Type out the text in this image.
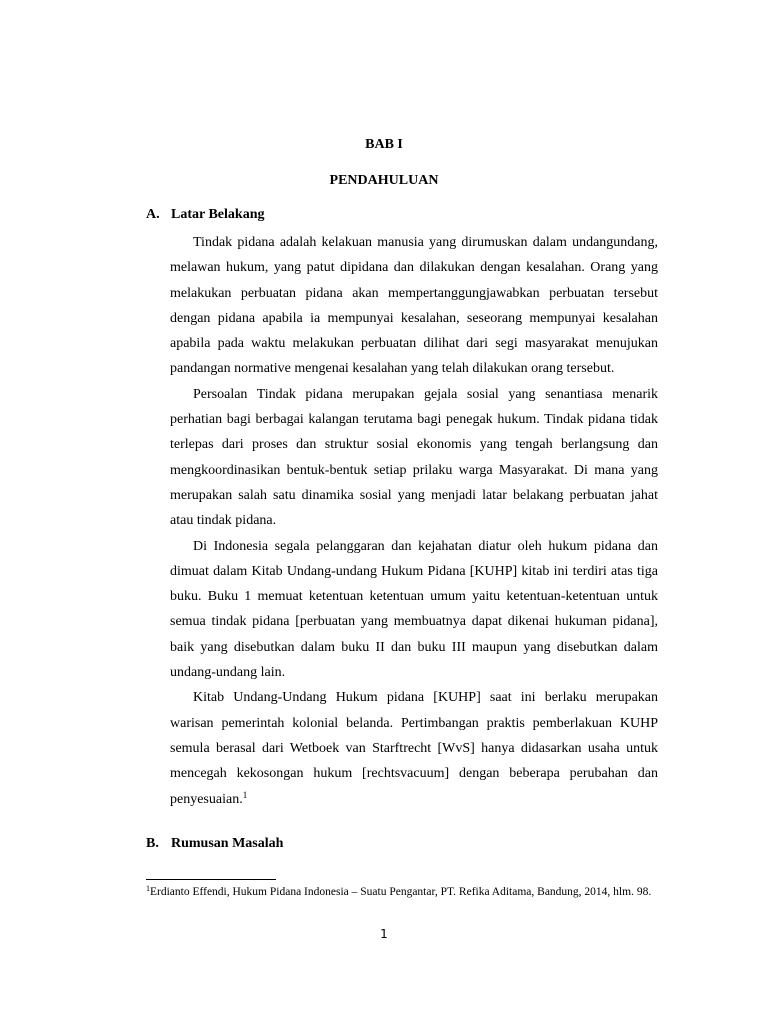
BAB I
PENDAHULUAN
A. Latar Belakang

Tindak pidana adalah kelakuan manusia yang dirumuskan dalam undangundang, melawan hukum, yang patut dipidana dan dilakukan dengan kesalahan. Orang yang melakukan perbuatan pidana akan mempertanggungjawabkan perbuatan tersebut dengan pidana apabila ia mempunyai kesalahan, seseorang mempunyai kesalahan apabila pada waktu melakukan perbuatan dilihat dari segi masyarakat menujukan pandangan normative mengenai kesalahan yang telah dilakukan orang tersebut.

Persoalan Tindak pidana merupakan gejala sosial yang senantiasa menarik perhatian bagi berbagai kalangan terutama bagi penegak hukum. Tindak pidana tidak terlepas dari proses dan struktur sosial ekonomis yang tengah berlangsung dan mengkoordinasikan bentuk-bentuk setiap prilaku warga Masyarakat. Di mana yang merupakan salah satu dinamika sosial yang menjadi latar belakang perbuatan jahat atau tindak pidana.

Di Indonesia segala pelanggaran dan kejahatan diatur oleh hukum pidana dan dimuat dalam Kitab Undang-undang Hukum Pidana [KUHP] kitab ini terdiri atas tiga buku. Buku 1 memuat ketentuan ketentuan umum yaitu ketentuan-ketentuan untuk semua tindak pidana [perbuatan yang membuatnya dapat dikenai hukuman pidana], baik yang disebutkan dalam buku II dan buku III maupun yang disebutkan dalam undang-undang lain.

Kitab Undang-Undang Hukum pidana [KUHP] saat ini berlaku merupakan warisan pemerintah kolonial belanda. Pertimbangan praktis pemberlakuan KUHP semula berasal dari Wetboek van Starftrecht [WvS] hanya didasarkan usaha untuk mencegah kekosongan hukum [rechtsvacuum] dengan beberapa perubahan dan penyesuaian.$^1$

B. Rumusan Masalah
$^1$Erdianto Effendi, Hukum Pidana Indonesia – Suatu Pengantar, PT. Refika Aditama, Bandung, 2014, hlm. 98.
1
